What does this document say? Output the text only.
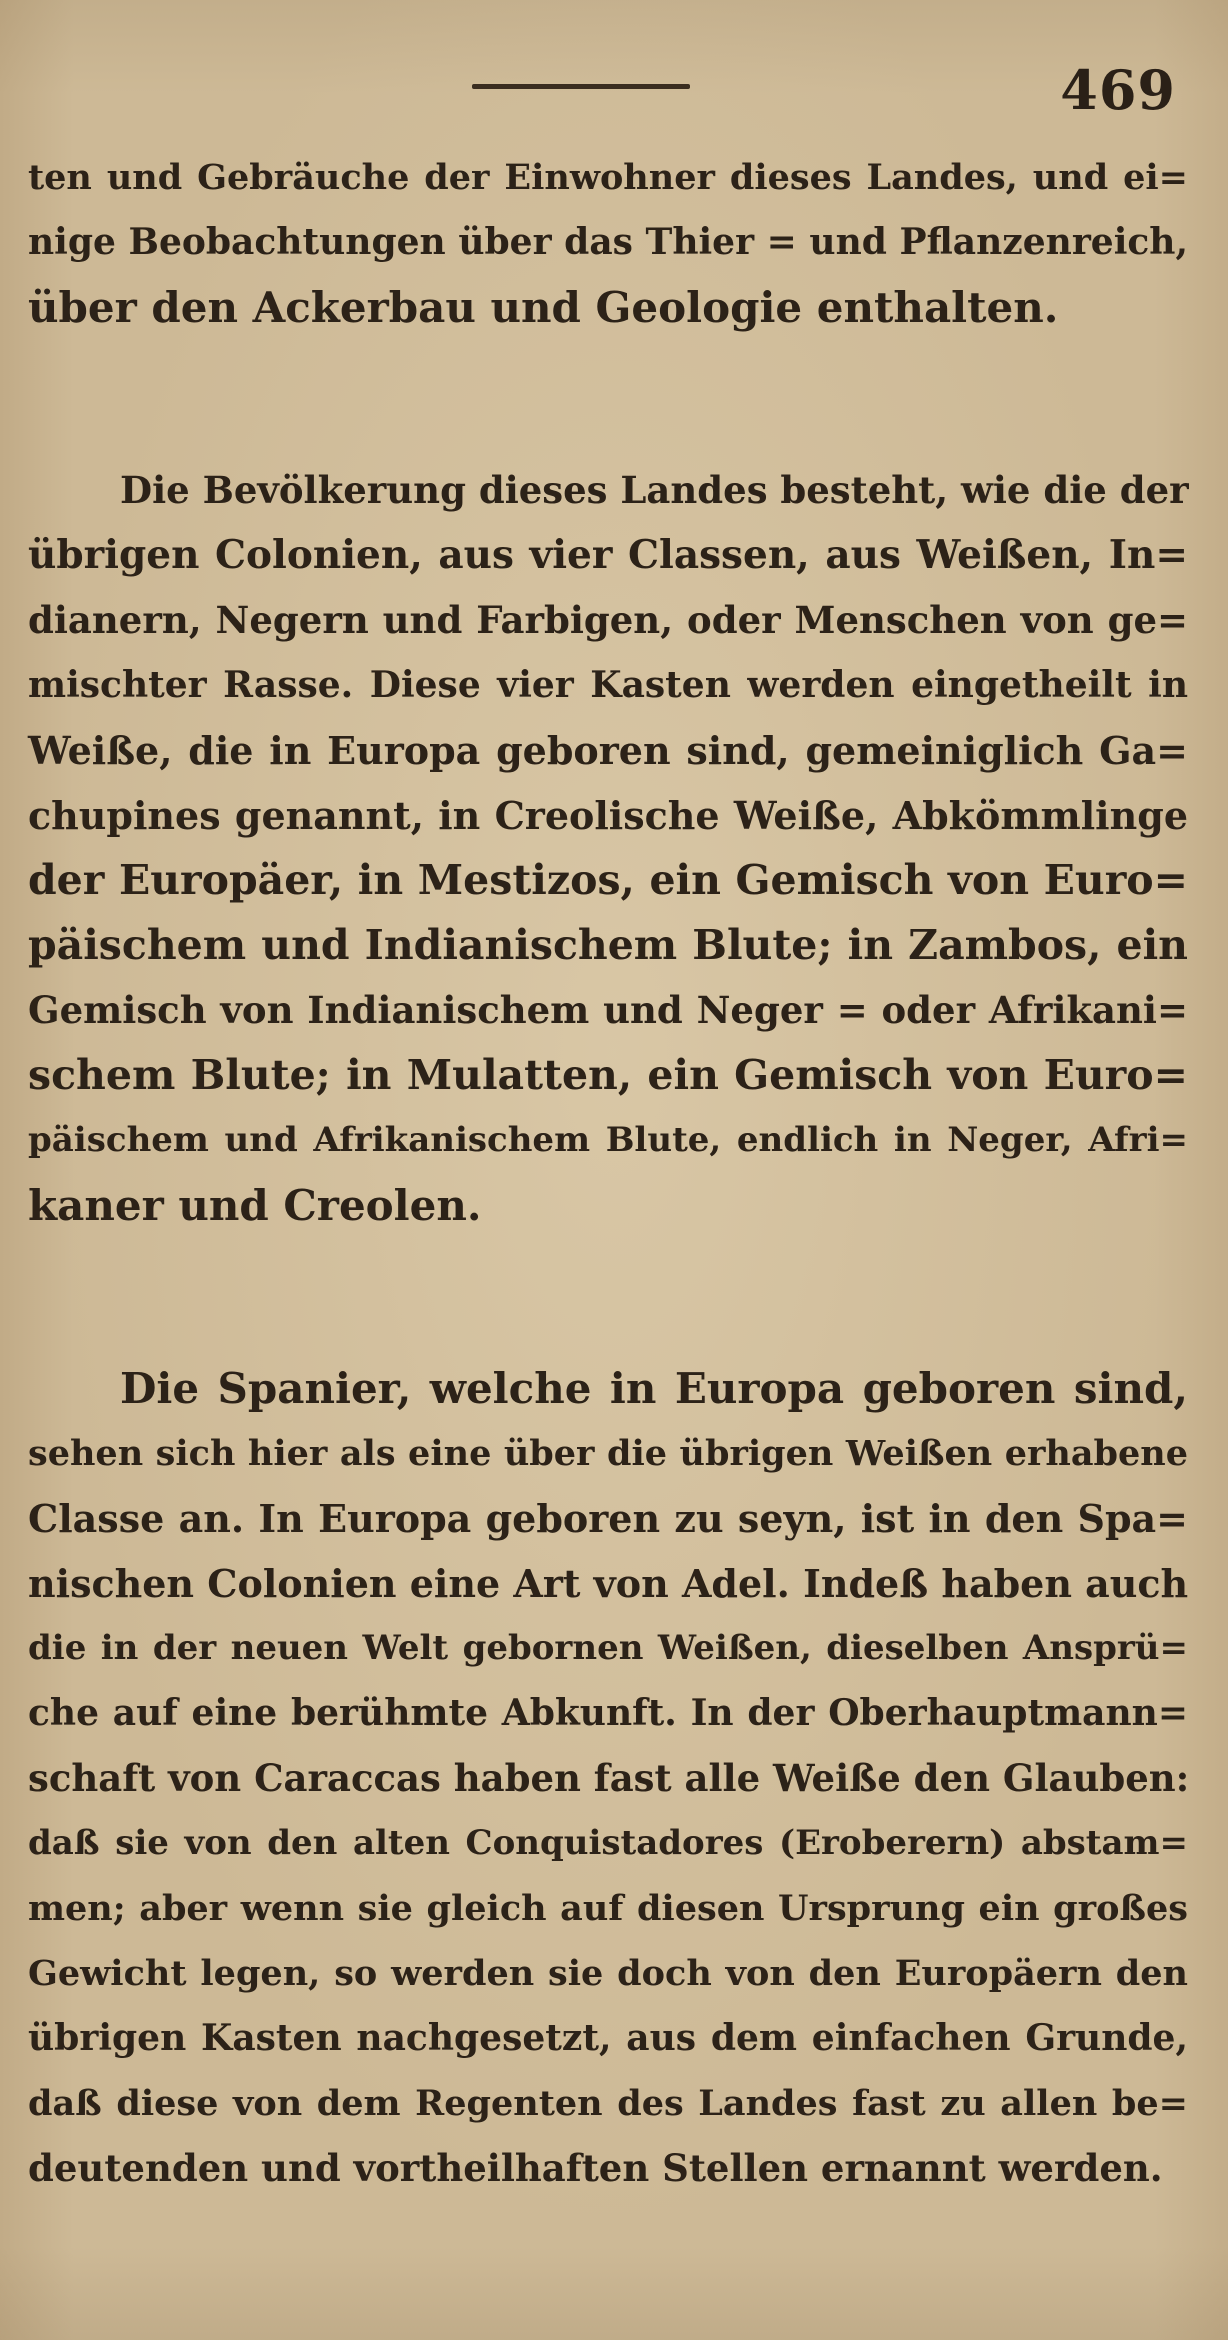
469
ten und Gebräuche der Einwohner dieses Landes, und ei=
nige Beobachtungen über das Thier = und Pflanzenreich,
über den Ackerbau und Geologie enthalten.
Die Bevölkerung dieses Landes besteht, wie die der
übrigen Colonien, aus vier Classen, aus Weißen, In=
dianern, Negern und Farbigen, oder Menschen von ge=
mischter Rasse. Diese vier Kasten werden eingetheilt in
Weiße, die in Europa geboren sind, gemeiniglich Ga=
chupines genannt, in Creolische Weiße, Abkömmlinge
der Europäer, in Mestizos, ein Gemisch von Euro=
päischem und Indianischem Blute; in Zambos, ein
Gemisch von Indianischem und Neger = oder Afrikani=
schem Blute; in Mulatten, ein Gemisch von Euro=
päischem und Afrikanischem Blute, endlich in Neger, Afri=
kaner und Creolen.
Die Spanier, welche in Europa geboren sind,
sehen sich hier als eine über die übrigen Weißen erhabene
Classe an. In Europa geboren zu seyn, ist in den Spa=
nischen Colonien eine Art von Adel. Indeß haben auch
die in der neuen Welt gebornen Weißen, dieselben Ansprü=
che auf eine berühmte Abkunft. In der Oberhauptmann=
schaft von Caraccas haben fast alle Weiße den Glauben:
daß sie von den alten Conquistadores (Eroberern) abstam=
men; aber wenn sie gleich auf diesen Ursprung ein großes
Gewicht legen, so werden sie doch von den Europäern den
übrigen Kasten nachgesetzt, aus dem einfachen Grunde,
daß diese von dem Regenten des Landes fast zu allen be=
deutenden und vortheilhaften Stellen ernannt werden.
